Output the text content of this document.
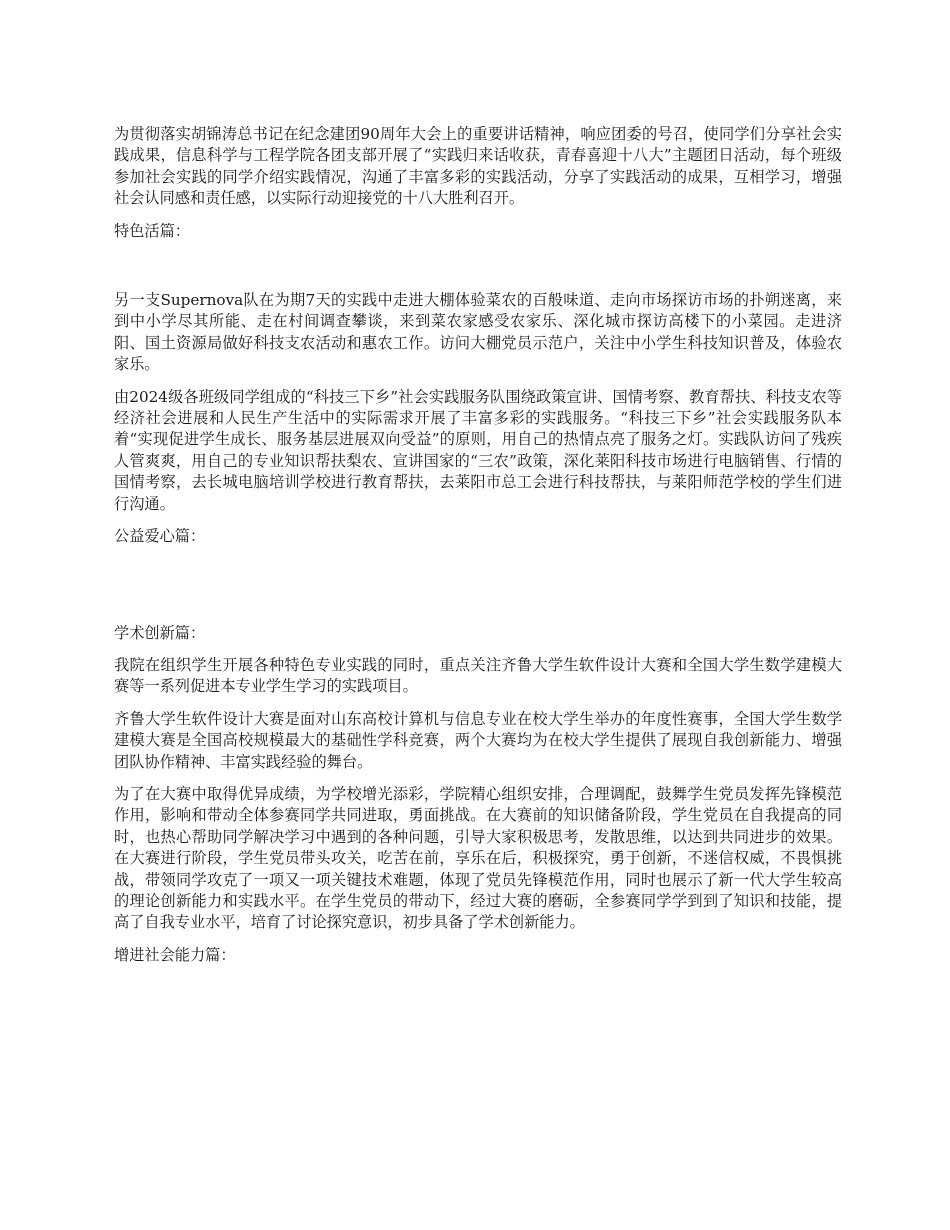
为贯彻落实胡锦涛总书记在纪念建团90周年大会上的重要讲话精神，响应团委的号召，使同学们分享社会实践成果，信息科学与工程学院各团支部开展了“实践归来话收获，青春喜迎十八大”主题团日活动，每个班级参加社会实践的同学介绍实践情况，沟通了丰富多彩的实践活动，分享了实践活动的成果，互相学习，增强社会认同感和责任感，以实际行动迎接党的十八大胜利召开。

特色活篇：

另一支Supernova队在为期7天的实践中走进大棚体验菜农的百般味道、走向市场探访市场的扑朔迷离，来到中小学尽其所能、走在村间调查攀谈，来到菜农家感受农家乐、深化城市探访高楼下的小菜园。走进济阳、国土资源局做好科技支农活动和惠农工作。访问大棚党员示范户，关注中小学生科技知识普及，体验农家乐。

由2024级各班级同学组成的“科技三下乡”社会实践服务队围绕政策宣讲、国情考察、教育帮扶、科技支农等经济社会进展和人民生产生活中的实际需求开展了丰富多彩的实践服务。“科技三下乡”社会实践服务队本着“实现促进学生成长、服务基层进展双向受益”的原则，用自己的热情点亮了服务之灯。实践队访问了残疾人管爽爽，用自己的专业知识帮扶梨农、宣讲国家的“三农”政策，深化莱阳科技市场进行电脑销售、行情的国情考察，去长城电脑培训学校进行教育帮扶，去莱阳市总工会进行科技帮扶，与莱阳师范学校的学生们进行沟通。

公益爱心篇：

学术创新篇：

我院在组织学生开展各种特色专业实践的同时，重点关注齐鲁大学生软件设计大赛和全国大学生数学建模大赛等一系列促进本专业学生学习的实践项目。

齐鲁大学生软件设计大赛是面对山东高校计算机与信息专业在校大学生举办的年度性赛事，全国大学生数学建模大赛是全国高校规模最大的基础性学科竞赛，两个大赛均为在校大学生提供了展现自我创新能力、增强团队协作精神、丰富实践经验的舞台。

为了在大赛中取得优异成绩，为学校增光添彩，学院精心组织安排，合理调配，鼓舞学生党员发挥先锋模范作用，影响和带动全体参赛同学共同进取，勇面挑战。在大赛前的知识储备阶段，学生党员在自我提高的同时，也热心帮助同学解决学习中遇到的各种问题，引导大家积极思考，发散思维，以达到共同进步的效果。在大赛进行阶段，学生党员带头攻关，吃苦在前，享乐在后，积极探究，勇于创新，不迷信权威，不畏惧挑战，带领同学攻克了一项又一项关键技术难题，体现了党员先锋模范作用，同时也展示了新一代大学生较高的理论创新能力和实践水平。在学生党员的带动下，经过大赛的磨砺，全参赛同学学到到了知识和技能，提高了自我专业水平，培育了讨论探究意识，初步具备了学术创新能力。

增进社会能力篇：
